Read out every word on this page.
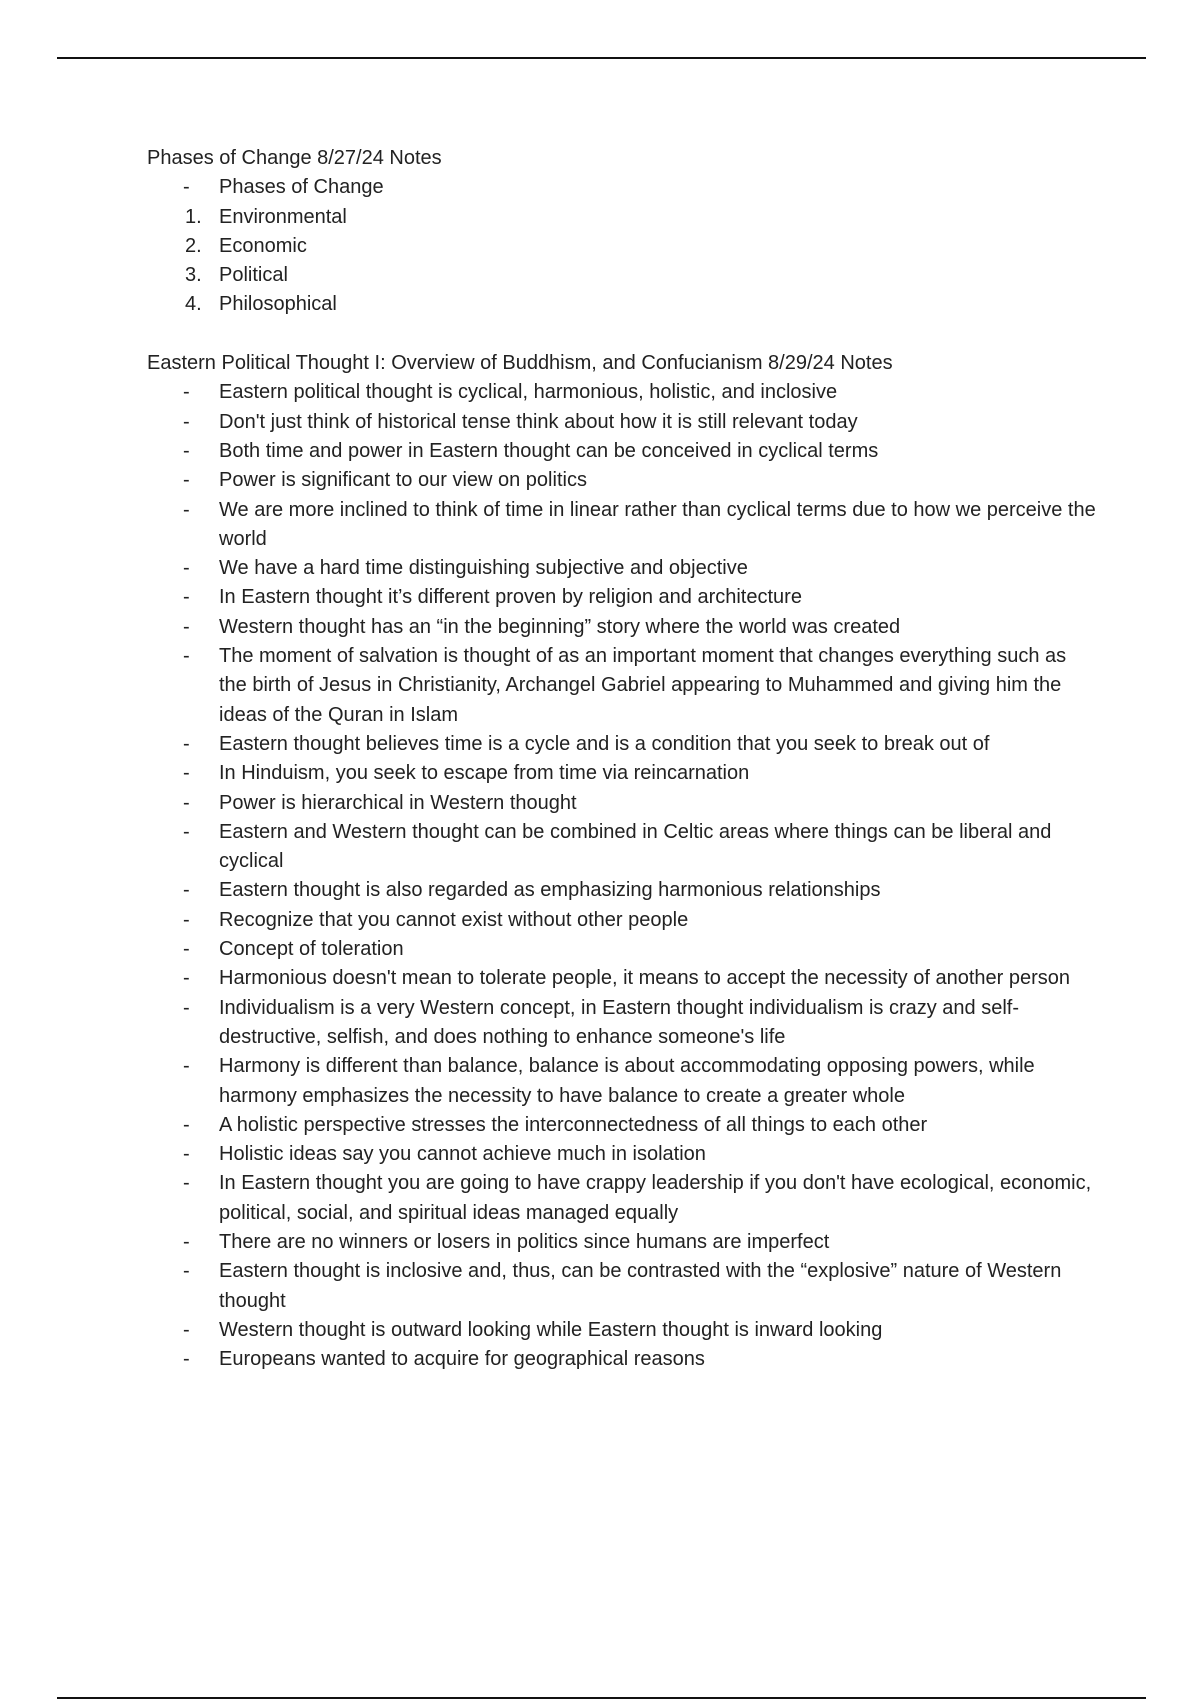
Phases of Change 8/27/24 Notes
-	Phases of Change
1. Environmental
2. Economic
3. Political
4. Philosophical
Eastern Political Thought I: Overview of Buddhism, and Confucianism 8/29/24 Notes
-	Eastern political thought is cyclical, harmonious, holistic, and inclosive
-	Don't just think of historical tense think about how it is still relevant today
-	Both time and power in Eastern thought can be conceived in cyclical terms
-	Power is significant to our view on politics
-	We are more inclined to think of time in linear rather than cyclical terms due to how we perceive the world
-	We have a hard time distinguishing subjective and objective
-	In Eastern thought it’s different proven by religion and architecture
-	Western thought has an “in the beginning” story where the world was created
-	The moment of salvation is thought of as an important moment that changes everything such as the birth of Jesus in Christianity, Archangel Gabriel appearing to Muhammed and giving him the ideas of the Quran in Islam
-	Eastern thought believes time is a cycle and is a condition that you seek to break out of
-	In Hinduism, you seek to escape from time via reincarnation
-	Power is hierarchical in Western thought
-	Eastern and Western thought can be combined in Celtic areas where things can be liberal and cyclical
-	Eastern thought is also regarded as emphasizing harmonious relationships
-	Recognize that you cannot exist without other people
-	Concept of toleration
-	Harmonious doesn't mean to tolerate people, it means to accept the necessity of another person
-	Individualism is a very Western concept, in Eastern thought individualism is crazy and self-destructive, selfish, and does nothing to enhance someone's life
-	Harmony is different than balance, balance is about accommodating opposing powers, while harmony emphasizes the necessity to have balance to create a greater whole
-	A holistic perspective stresses the interconnectedness of all things to each other
-	Holistic ideas say you cannot achieve much in isolation
-	In Eastern thought you are going to have crappy leadership if you don't have ecological, economic, political, social, and spiritual ideas managed equally
-	There are no winners or losers in politics since humans are imperfect
-	Eastern thought is inclosive and, thus, can be contrasted with the “explosive” nature of Western thought
-	Western thought is outward looking while Eastern thought is inward looking
-	Europeans wanted to acquire for geographical reasons
